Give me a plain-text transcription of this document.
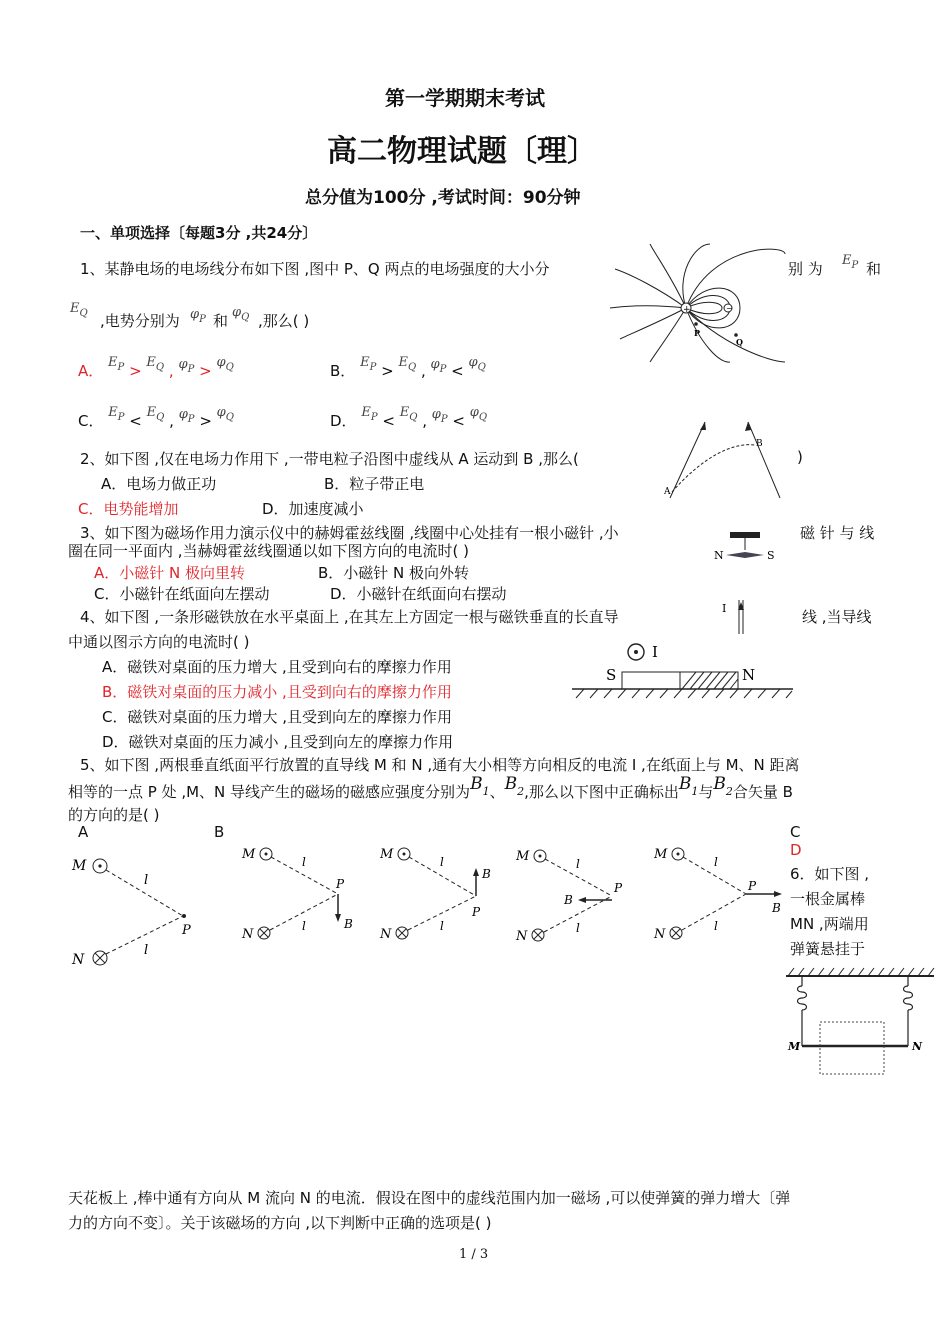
第一学期期末考试
高二物理试题〔理〕
总分值为100分 ,考试时间：90分钟
一、单项选择〔每题3分 ,共24分〕
1、某静电场的电场线分布如下图 ,图中 P、Q 两点的电场强度的大小分	别 为 $E_P$ 和
$E_Q$ ,电势分别为 $\varphi_P$ 和 $\varphi_Q$ ,那么( )
A． $E_P > E_Q$ , $\varphi_P > \varphi_Q$	B． $E_P > E_Q$ , $\varphi_P < \varphi_Q$
C． $E_P < E_Q$ , $\varphi_P > \varphi_Q$	D． $E_P < E_Q$ , $\varphi_P < \varphi_Q$
+	−
P
Q
2、如下图 ,仅在电场力作用下 ,一带电粒子沿图中虚线从 A 运动到 B ,那么(	)
A．电场力做正功	B．粒子带正电
C．电势能增加	D．加速度减小
A
B
3、如下图为磁场作用力演示仪中的赫姆霍兹线圈 ,线圈中心处挂有一根小磁针 ,小	磁 针 与 线
圈在同一平面内 ,当赫姆霍兹线圈通以如下图方向的电流时( )
A．小磁针 N 极向里转	B．小磁针 N 极向外转
C．小磁针在纸面向左摆动	D．小磁针在纸面向右摆动
N	S
4、如下图 ,一条形磁铁放在水平桌面上 ,在其左上方固定一根与磁铁垂直的长直导	线 ,当导线
中通以图示方向的电流时( )
A．磁铁对桌面的压力增大 ,且受到向右的摩擦力作用
B．磁铁对桌面的压力减小 ,且受到向右的摩擦力作用
C．磁铁对桌面的压力增大 ,且受到向左的摩擦力作用
D．磁铁对桌面的压力减小 ,且受到向左的摩擦力作用
I
I
S	N
5、如下图 ,两根垂直纸面平行放置的直导线 M 和 N ,通有大小相等方向相反的电流 I ,在纸面上与 M、N 距离
相等的一点 P 处 ,M、N 导线产生的磁场的磁感应强度分别为$B_1$、$B_2$,那么以下图中正确标出$B_1$与$B_2$合矢量 B
的方向的是( )
A	B	C
D
M
N
l
l
P
M
N
l
l
P
B
M
N
l
l
P
B
M
N
l
l
P
B
M
N
l
l
P
B
6．如下图 ,
一根金属棒
MN ,两端用
弹簧悬挂于
M	N
天花板上 ,棒中通有方向从 M 流向 N 的电流．假设在图中的虚线范围内加一磁场 ,可以使弹簧的弹力增大〔弹
力的方向不变〕。关于该磁场的方向 ,以下判断中正确的选项是( )
1 / 3
